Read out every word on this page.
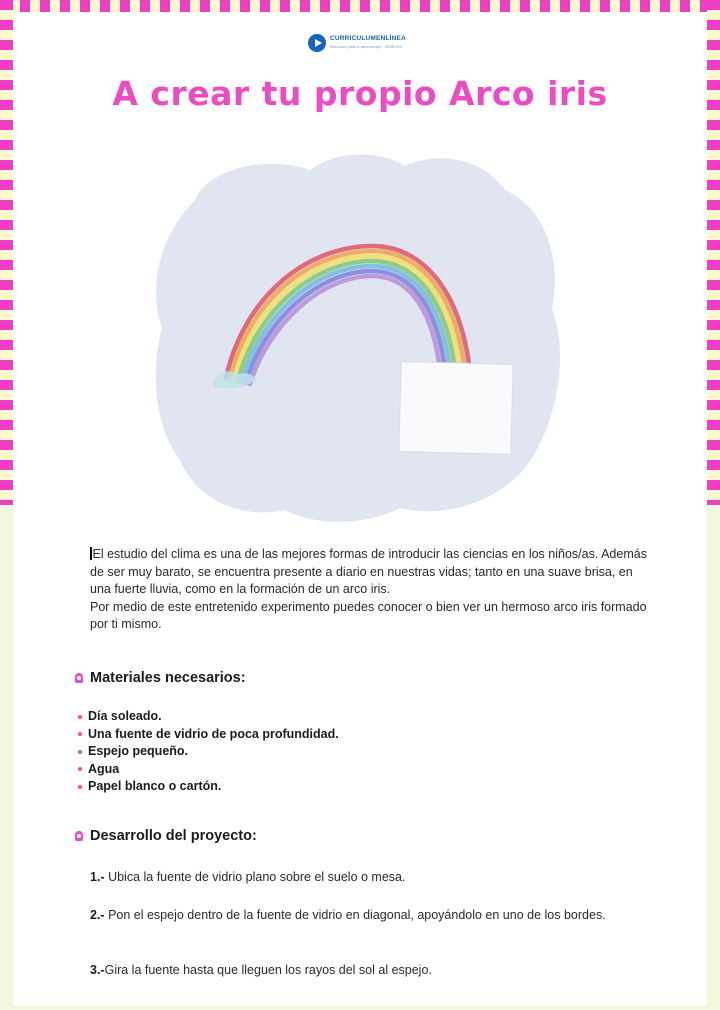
CURRICULUMENLÍNEA
Recursos para el aprendizaje · MINEDUC
A crear tu propio Arco iris

El estudio del clima es una de las mejores formas de introducir las ciencias en los niños/as. Además de ser muy barato, se encuentra presente a diario en nuestras vidas; tanto en una suave brisa, en una fuerte lluvia, como en la formación de un arco iris.

Por medio de este entretenido experimento puedes conocer o bien ver un hermoso arco iris formado por ti mismo.

Materiales necesarios:
Día soleado.
Una fuente de vidrio de poca profundidad.
Espejo pequeño.
Agua
Papel blanco o cartón.
Desarrollo del proyecto:

1.- Ubica la fuente de vidrio plano sobre el suelo o mesa.

2.- Pon el espejo dentro de la fuente de vidrio en diagonal, apoyándolo en uno de los bordes.

3.-Gira la fuente hasta que lleguen los rayos del sol al espejo.
